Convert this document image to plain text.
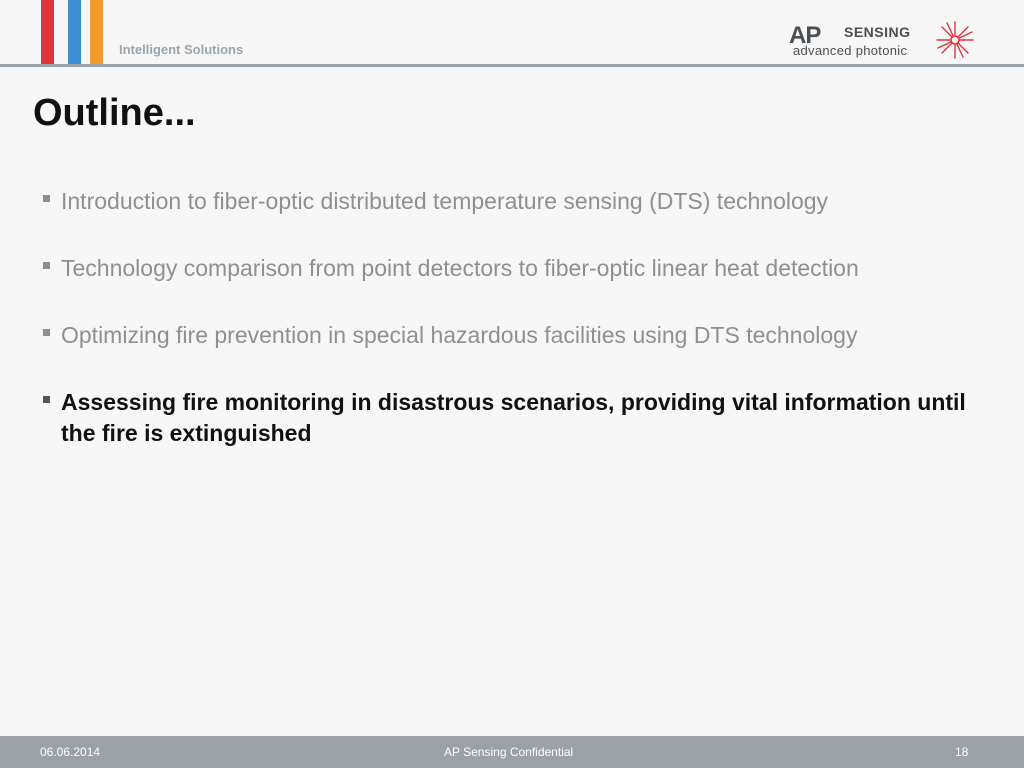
Intelligent Solutions
AP SENSING
advanced photonic
Outline...
Introduction to fiber-optic distributed temperature sensing (DTS) technology
Technology comparison from point detectors to fiber-optic linear heat detection
Optimizing fire prevention in special hazardous facilities using DTS technology
Assessing fire monitoring in disastrous scenarios, providing vital information until the fire is extinguished
06.06.2014	AP Sensing Confidential	18
